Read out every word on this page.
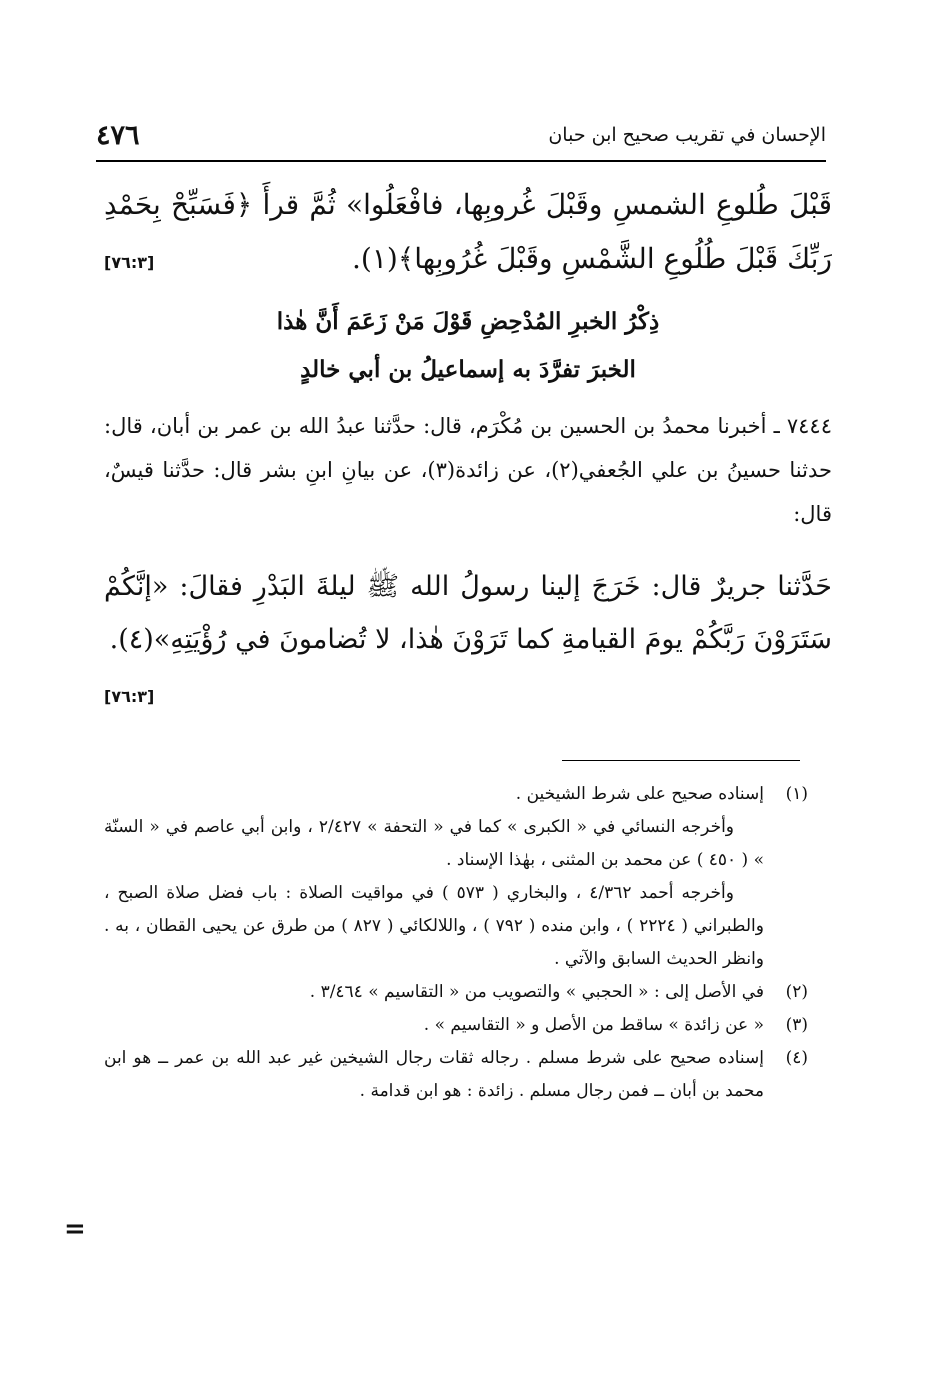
٤٧٦	الإحسان في تقريب صحيح ابن حبان
قَبْلَ طُلوعِ الشمسِ وقَبْلَ غُروبِها، فافْعَلُوا» ثُمَّ قرأَ ﴿فَسَبِّحْ بِحَمْدِ رَبِّكَ قَبْلَ طُلُوعِ الشَّمْسِ وقَبْلَ غُرُوبِها﴾(١).
[٧٦:٣]
ذِكْرُ الخبرِ المُدْحِضِ قَوْلَ مَنْ زَعَمَ أَنَّ هٰذا
الخبرَ تفرَّدَ به إسماعيلُ بن أبي خالدٍ
٧٤٤٤ ـ أخبرنا محمدُ بن الحسين بن مُكْرَم، قال: حدَّثنا عبدُ الله بن عمر بن أبان، قال: حدثنا حسينُ بن علي الجُعفي(٢)، عن زائدة(٣)، عن بيانِ ابنِ بشر قال: حدَّثنا قيسٌ، قال:
حَدَّثنا جريرٌ قال: خَرَجَ إلينا رسولُ الله ﷺ ليلةَ البَدْرِ فقالَ: «إنَّكُمْ سَتَرَوْنَ رَبَّكُمْ يومَ القيامةِ كما تَرَوْنَ هٰذا، لا تُضامونَ في رُؤْيَتِهِ»(٤).
[٧٦:٣]
(١)

إسناده صحيح على شرط الشيخين .

وأخرجه النسائي في « الكبرى » كما في « التحفة » ٢/٤٢٧ ، وابن أبي عاصم في « السنّة » ( ٤٥٠ ) عن محمد بن المثنى ، بهٰذا الإسناد .

وأخرجه أحمد ٤/٣٦٢ ، والبخاري ( ٥٧٣ ) في مواقيت الصلاة : باب فضل صلاة الصبح ، والطبراني ( ٢٢٢٤ ) ، وابن منده ( ٧٩٢ ) ، واللالكائي ( ٨٢٧ ) من طرق عن يحيى القطان ، به . وانظر الحديث السابق والآتي .

(٢)

في الأصل إلى : « الحجبي » والتصويب من « التقاسيم » ٣/٤٦٤ .

(٣)

« عن زائدة » ساقط من الأصل و « التقاسيم » .

(٤)

إسناده صحيح على شرط مسلم . رجاله ثقات رجال الشيخين غير عبد الله بن عمر ــ هو ابن محمد بن أبان ــ فمن رجال مسلم . زائدة : هو ابن قدامة .

=
